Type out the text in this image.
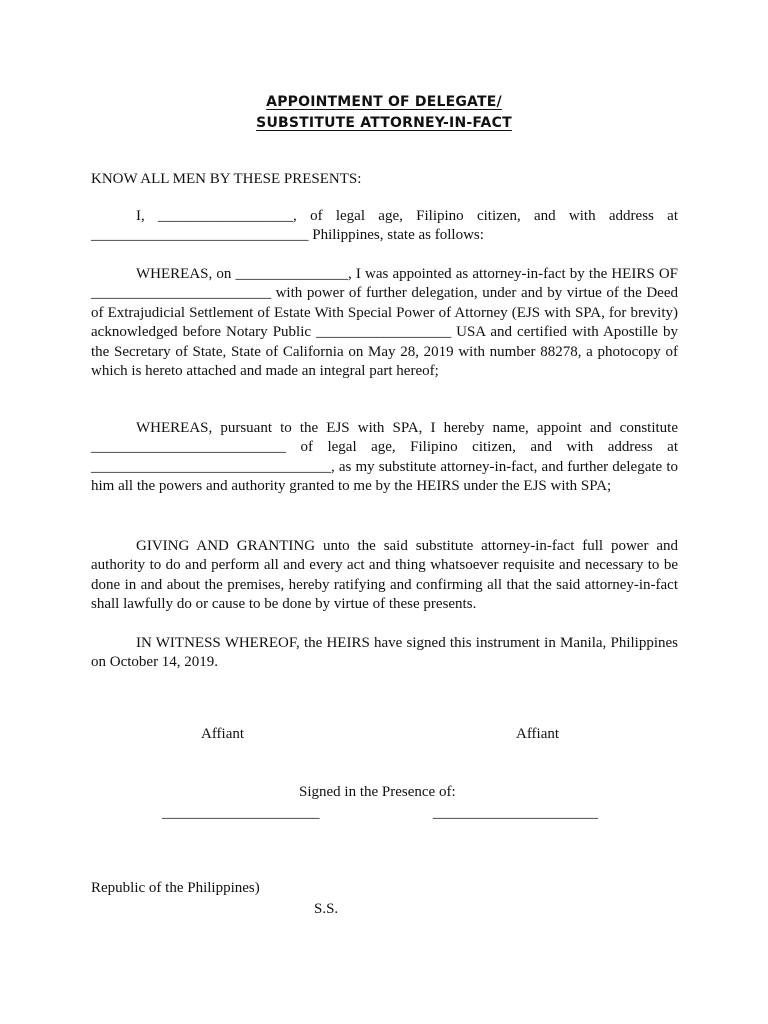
APPOINTMENT OF DELEGATE/
SUBSTITUTE ATTORNEY-IN-FACT
KNOW ALL MEN BY THESE PRESENTS:

I, __________________, of legal age, Filipino citizen, and with address at _____________________________ Philippines, state as follows:

WHEREAS, on _______________, I was appointed as attorney-in-fact by the HEIRS OF ________________________ with power of further delegation, under and by virtue of the Deed of Extrajudicial Settlement of Estate With Special Power of Attorney (EJS with SPA, for brevity) acknowledged before Notary Public __________________ USA and certified with Apostille by the Secretary of State, State of California on May 28, 2019 with number 88278, a photocopy of which is hereto attached and made an integral part hereof;

WHEREAS, pursuant to the EJS with SPA, I hereby name, appoint and constitute __________________________ of legal age, Filipino citizen, and with address at ________________________________, as my substitute attorney-in-fact, and further delegate to him all the powers and authority granted to me by the HEIRS under the EJS with SPA;

GIVING AND GRANTING unto the said substitute attorney-in-fact full power and authority to do and perform all and every act and thing whatsoever requisite and necessary to be done in and about the premises, hereby ratifying and confirming all that the said attorney-in-fact shall lawfully do or cause to be done by virtue of these presents.

IN WITNESS WHEREOF, the HEIRS have signed this instrument in Manila, Philippines on October 14, 2019.

Affiant	Affiant
Signed in the Presence of:
_____________________	______________________
Republic of the Philippines)
S.S.
